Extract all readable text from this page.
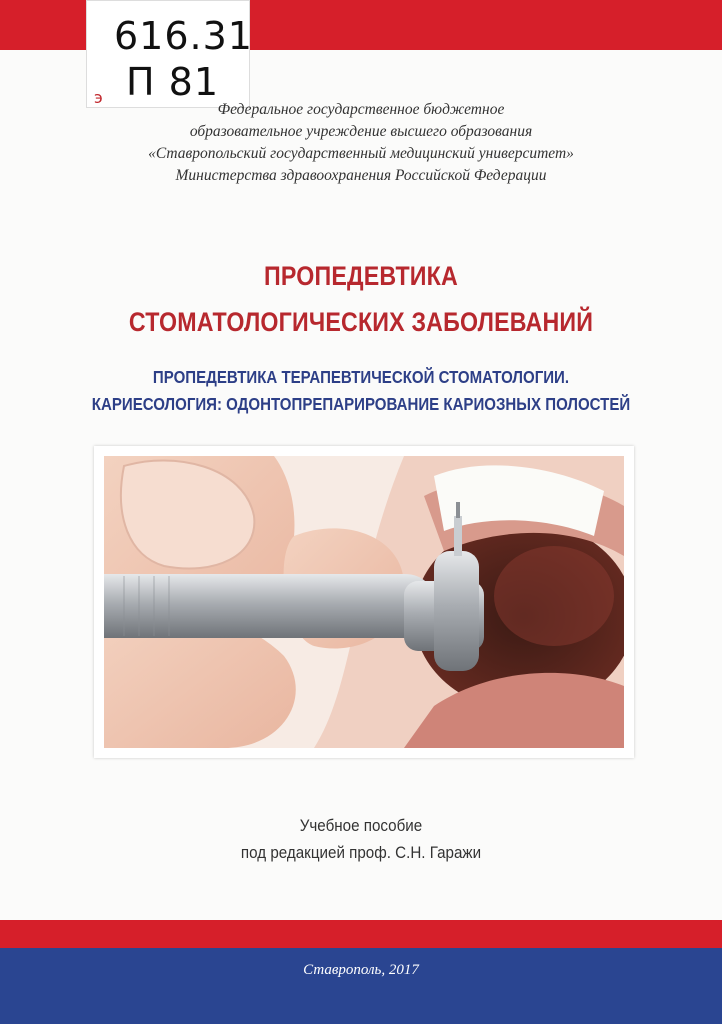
616.31
П 81
э
Федеральное государственное бюджетное
образовательное учреждение высшего образования
«Ставропольский государственный медицинский университет»
Министерства здравоохранения Российской Федерации
ПРОПЕДЕВТИКА
СТОМАТОЛОГИЧЕСКИХ ЗАБОЛЕВАНИЙ
ПРОПЕДЕВТИКА ТЕРАПЕВТИЧЕСКОЙ СТОМАТОЛОГИИ.
КАРИЕСОЛОГИЯ: ОДОНТОПРЕПАРИРОВАНИЕ КАРИОЗНЫХ ПОЛОСТЕЙ
Учебное пособие
под редакцией проф. С.Н. Гаражи
Ставрополь, 2017
